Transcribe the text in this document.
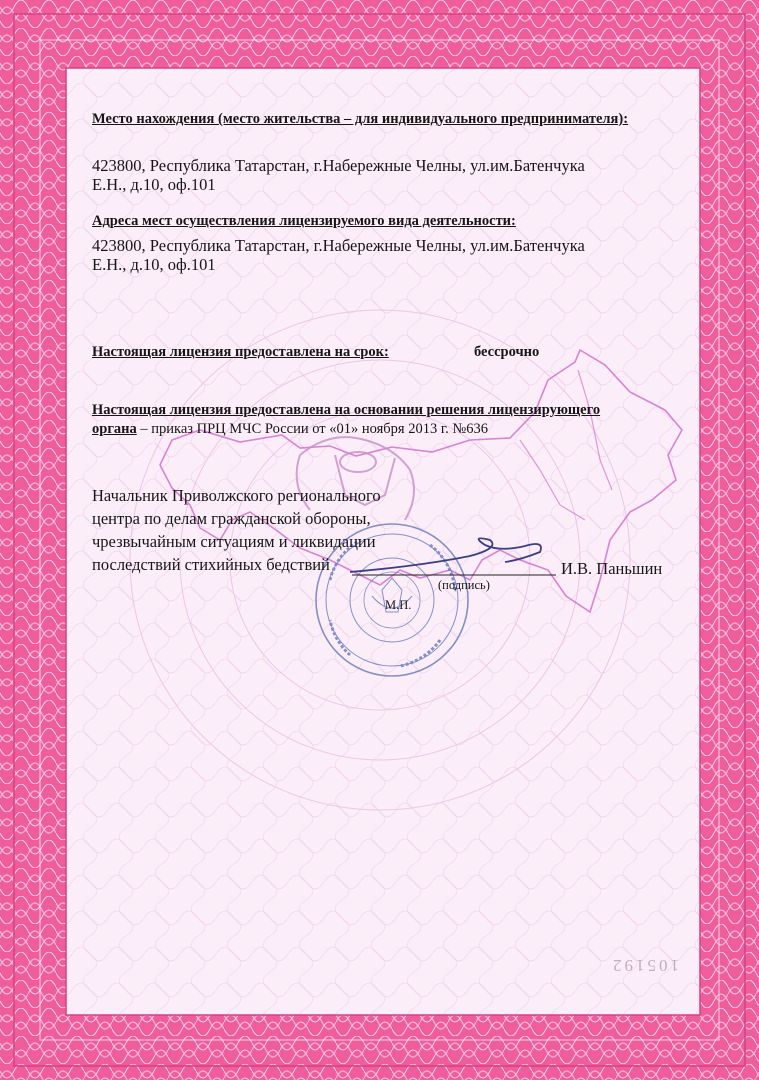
Место нахождения (место жительства – для индивидуального предпринимателя):
423800, Республика Татарстан, г.Набережные Челны, ул.им.Батенчука
Е.Н., д.10, оф.101
Адреса мест осуществления лицензируемого вида деятельности:
423800, Республика Татарстан, г.Набережные Челны, ул.им.Батенчука
Е.Н., д.10, оф.101
Настоящая лицензия предоставлена на срок:	бессрочно
Настоящая лицензия предоставлена на основании решения лицензирующего
органа – приказ ПРЦ МЧС России от «01» ноября 2013 г. №636
Начальник Приволжского регионального
центра по делам гражданской обороны,
чрезвычайным ситуациям и ликвидации
последствий стихийных бедствий	И.В. Паньшин
(подпись)
М.П.
105192
